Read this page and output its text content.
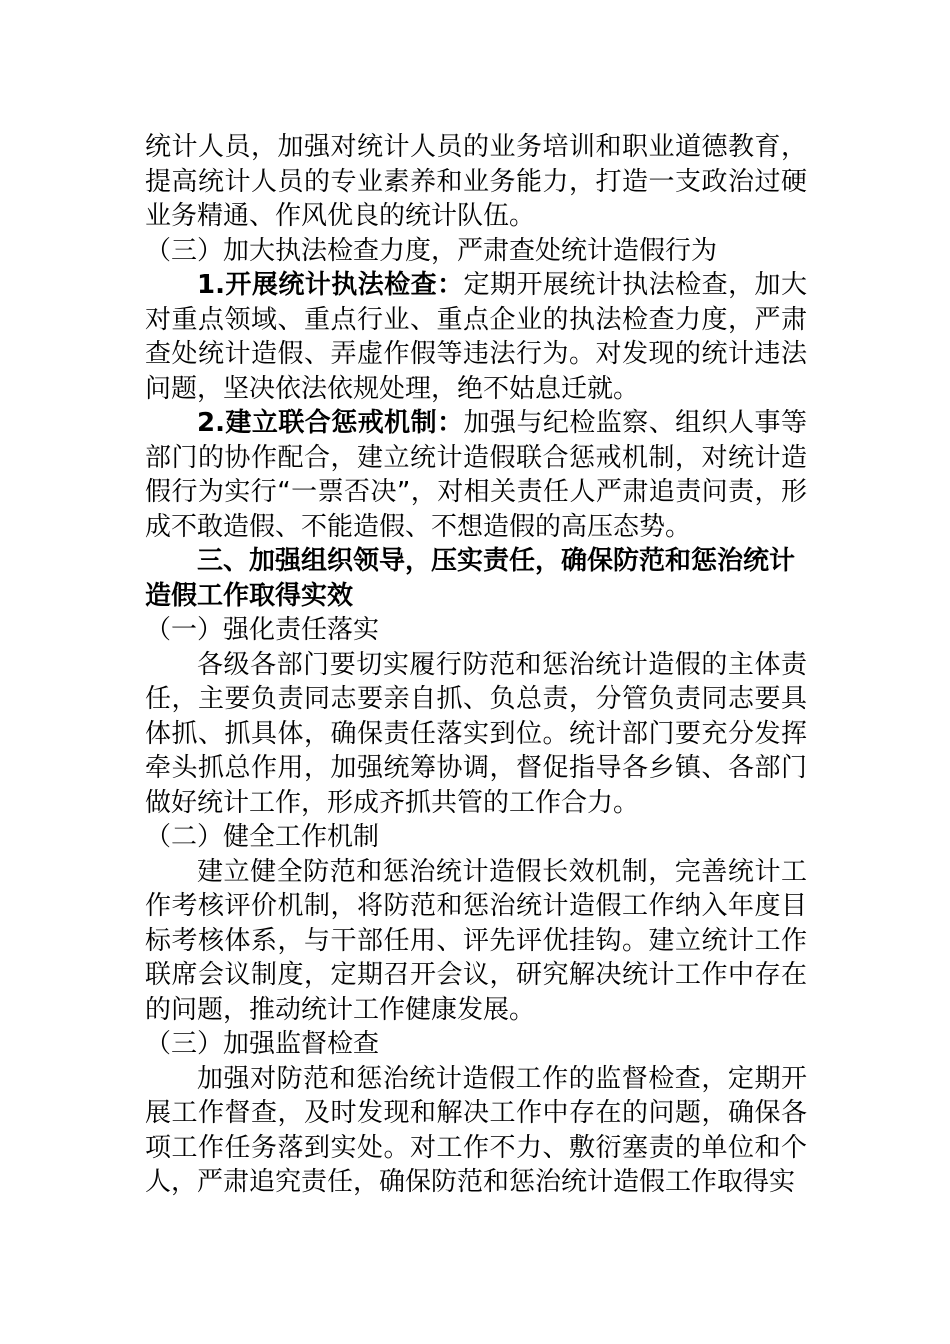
统计人员，加强对统计人员的业务培训和职业道德教育，提高统计人员的专业素养和业务能力，打造一支政治过硬业务精通、作风优良的统计队伍。

（三）加大执法检查力度，严肃查处统计造假行为

1.开展统计执法检查：定期开展统计执法检查，加大对重点领域、重点行业、重点企业的执法检查力度，严肃查处统计造假、弄虚作假等违法行为。对发现的统计违法问题，坚决依法依规处理，绝不姑息迁就。

2.建立联合惩戒机制：加强与纪检监察、组织人事等部门的协作配合，建立统计造假联合惩戒机制，对统计造假行为实行“一票否决”，对相关责任人严肃追责问责，形成不敢造假、不能造假、不想造假的高压态势。

三、加强组织领导，压实责任，确保防范和惩治统计造假工作取得实效

（一）强化责任落实

各级各部门要切实履行防范和惩治统计造假的主体责任，主要负责同志要亲自抓、负总责，分管负责同志要具体抓、抓具体，确保责任落实到位。统计部门要充分发挥牵头抓总作用，加强统筹协调，督促指导各乡镇、各部门做好统计工作，形成齐抓共管的工作合力。

（二）健全工作机制

建立健全防范和惩治统计造假长效机制，完善统计工作考核评价机制，将防范和惩治统计造假工作纳入年度目标考核体系，与干部任用、评先评优挂钩。建立统计工作联席会议制度，定期召开会议，研究解决统计工作中存在的问题，推动统计工作健康发展。

（三）加强监督检查

加强对防范和惩治统计造假工作的监督检查，定期开展工作督查，及时发现和解决工作中存在的问题，确保各项工作任务落到实处。对工作不力、敷衍塞责的单位和个人，严肃追究责任，确保防范和惩治统计造假工作取得实
